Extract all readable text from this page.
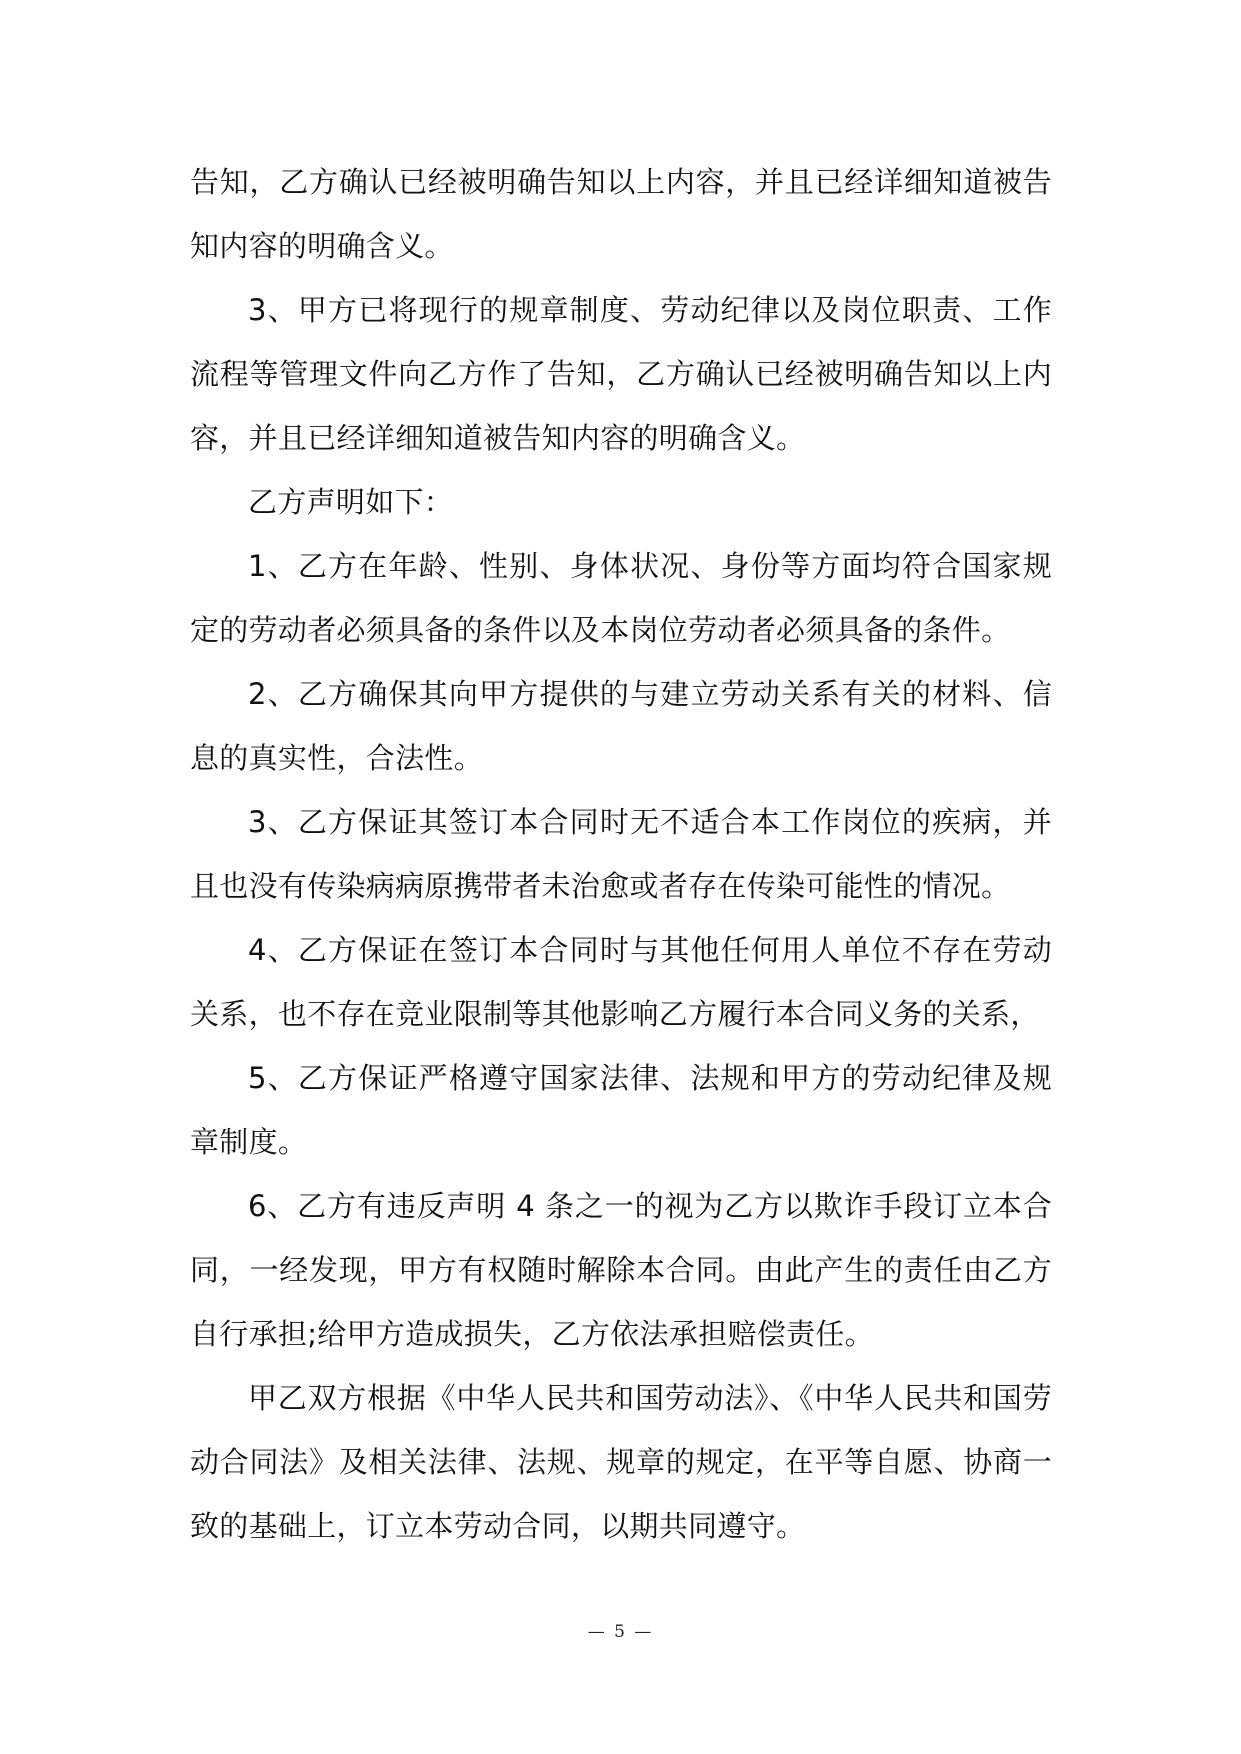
告知，乙方确认已经被明确告知以上内容，并且已经详细知道被告知内容的明确含义。

3、甲方已将现行的规章制度、劳动纪律以及岗位职责、工作流程等管理文件向乙方作了告知，乙方确认已经被明确告知以上内容，并且已经详细知道被告知内容的明确含义。

乙方声明如下：

1、乙方在年龄、性别、身体状况、身份等方面均符合国家规定的劳动者必须具备的条件以及本岗位劳动者必须具备的条件。

2、乙方确保其向甲方提供的与建立劳动关系有关的材料、信息的真实性，合法性。

3、乙方保证其签订本合同时无不适合本工作岗位的疾病，并且也没有传染病病原携带者未治愈或者存在传染可能性的情况。

4、乙方保证在签订本合同时与其他任何用人单位不存在劳动关系，也不存在竞业限制等其他影响乙方履行本合同义务的关系，

5、乙方保证严格遵守国家法律、法规和甲方的劳动纪律及规章制度。

6、乙方有违反声明 4 条之一的视为乙方以欺诈手段订立本合同，一经发现，甲方有权随时解除本合同。由此产生的责任由乙方自行承担;给甲方造成损失，乙方依法承担赔偿责任。

甲乙双方根据《中华人民共和国劳动法》、《中华人民共和国劳动合同法》及相关法律、法规、规章的规定，在平等自愿、协商一致的基础上，订立本劳动合同，以期共同遵守。

— 5 —
